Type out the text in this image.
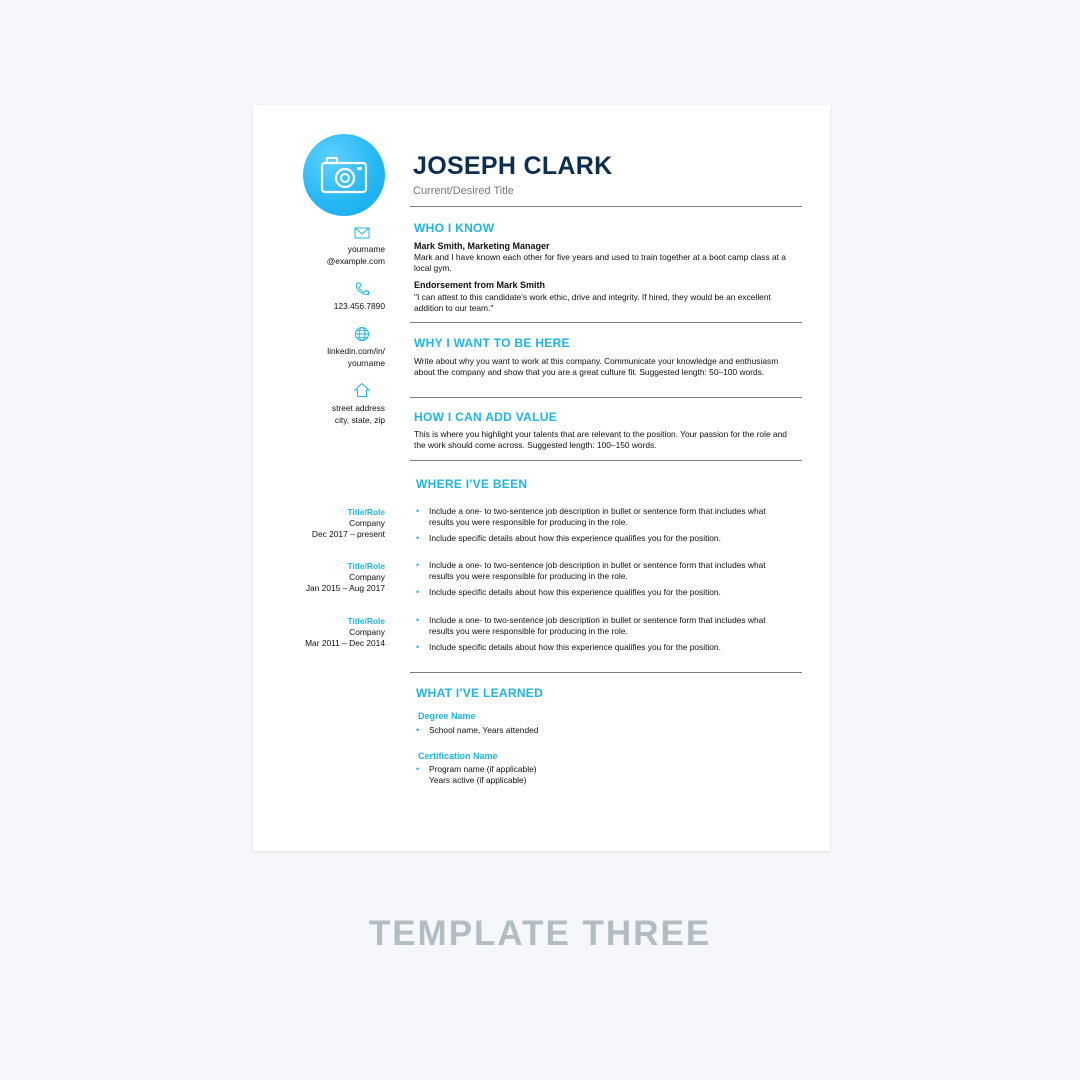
JOSEPH CLARK
Current/Desired Title
yourname
@example.com
123.456.7890
linkedin.com/in/
yourname
street address
city, state, zip
WHO I KNOW
Mark Smith, Marketing Manager
Mark and I have known each other for five years and used to train together at a boot camp class at a local gym.
Endorsement from Mark Smith
"I can attest to this candidate's work ethic, drive and integrity. If hired, they would be an excellent addition to our team."
WHY I WANT TO BE HERE
Write about why you want to work at this company. Communicate your knowledge and enthusiasm about the company and show that you are a great culture fit. Suggested length: 50–100 words.
HOW I CAN ADD VALUE
This is where you highlight your talents that are relevant to the position. Your passion for the role and the work should come across. Suggested length: 100–150 words.
WHERE I'VE BEEN
Title/Role
Company
Dec 2017 – present
•	Include a one- to two-sentence job description in bullet or sentence form that includes what results you were responsible for producing in the role.
•	Include specific details about how this experience qualifies you for the position.
Title/Role
Company
Jan 2015 – Aug 2017
•	Include a one- to two-sentence job description in bullet or sentence form that includes what results you were responsible for producing in the role.
•	Include specific details about how this experience qualifies you for the position.
Title/Role
Company
Mar 2011 – Dec 2014
•	Include a one- to two-sentence job description in bullet or sentence form that includes what results you were responsible for producing in the role.
•	Include specific details about how this experience qualifies you for the position.
WHAT I'VE LEARNED
Degree Name
•	School name, Years attended
Certification Name
•	Program name (if applicable)
Years active (if applicable)
TEMPLATE THREE
